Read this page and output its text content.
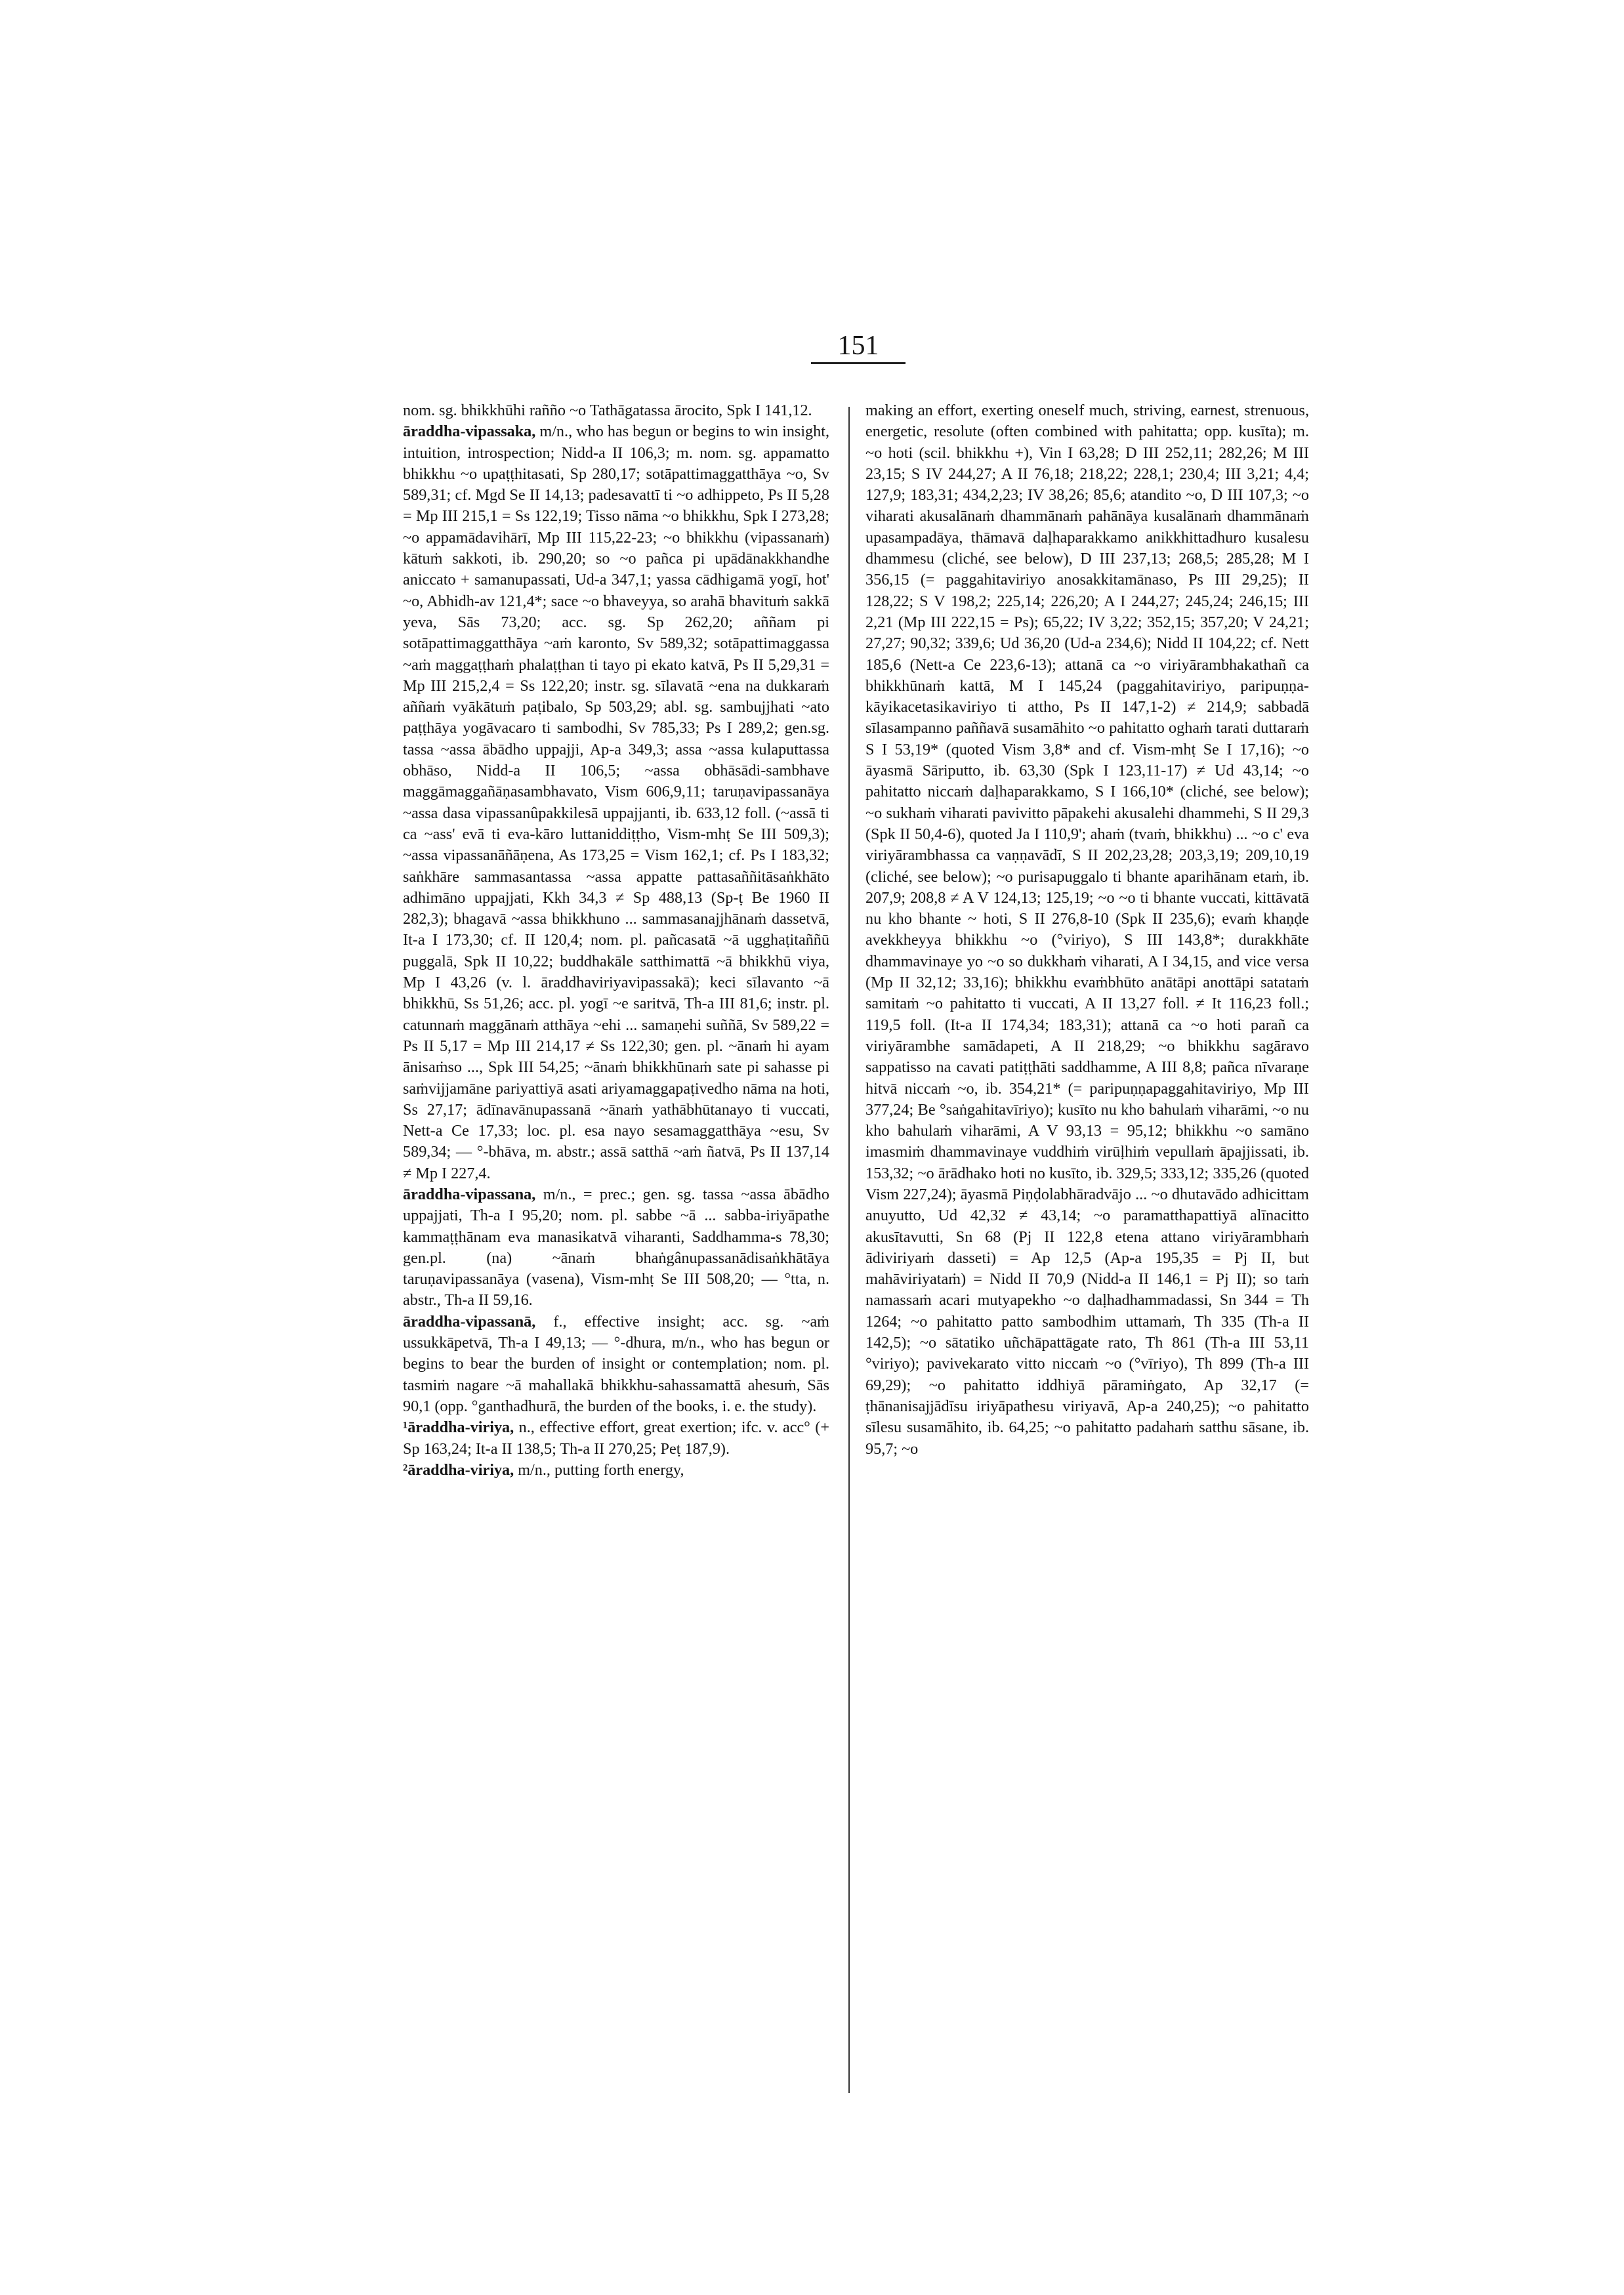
151

nom. sg. bhikkhūhi rañño ~o Tathāgatassa ārocito, Spk I 141,12.

āraddha-vipassaka, m/n., who has begun or begins to win insight, intuition, introspection; Nidd-a II 106,3; m. nom. sg. appamatto bhikkhu ~o upaṭṭhitasati, Sp 280,17; sotāpattimaggatthāya ~o, Sv 589,31; cf. Mgd Se II 14,13; padesavattī ti ~o adhippeto, Ps II 5,28 = Mp III 215,1 = Ss 122,19; Tisso nāma ~o bhikkhu, Spk I 273,28; ~o appamādavihārī, Mp III 115,22-23; ~o bhikkhu (vipassanaṁ) kātuṁ sakkoti, ib. 290,20; so ~o pañca pi upādānakkhandhe aniccato + samanupassati, Ud-a 347,1; yassa cādhigamā yogī, hot' ~o, Abhidh-av 121,4*; sace ~o bhaveyya, so arahā bhavituṁ sakkā yeva, Sās 73,20; acc. sg. Sp 262,20; aññam pi sotāpattimaggatthāya ~aṁ karonto, Sv 589,32; sotāpattimaggassa ~aṁ maggaṭṭhaṁ phalaṭṭhan ti tayo pi ekato katvā, Ps II 5,29,31 = Mp III 215,2,4 = Ss 122,20; instr. sg. sīlavatā ~ena na dukkaraṁ aññaṁ vyākātuṁ paṭibalo, Sp 503,29; abl. sg. sambujjhati ~ato paṭṭhāya yogāvacaro ti sambodhi, Sv 785,33; Ps I 289,2; gen.sg. tassa ~assa ābādho uppajji, Ap-a 349,3; assa ~assa kulaputtassa obhāso, Nidd-a II 106,5; ~assa obhāsādi-sambhave maggāmaggañāṇasambhavato, Vism 606,9,11; taruṇavipassanāya ~assa dasa vipassanûpakkilesā uppajjanti, ib. 633,12 foll. (~assā ti ca ~ass' evā ti eva-kāro luttaniddiṭṭho, Vism-mhṭ Se III 509,3); ~assa vipassanāñāṇena, As 173,25 = Vism 162,1; cf. Ps I 183,32; saṅkhāre sammasantassa ~assa appatte pattasaññitāsaṅkhāto adhimāno uppajjati, Kkh 34,3 ≠ Sp 488,13 (Sp-ṭ Be 1960 II 282,3); bhagavā ~assa bhikkhuno ... sammasanajjhānaṁ dassetvā, It-a I 173,30; cf. II 120,4; nom. pl. pañcasatā ~ā ugghaṭitaññū puggalā, Spk II 10,22; buddhakāle satthimattā ~ā bhikkhū viya, Mp I 43,26 (v. l. āraddhaviriyavipassakā); keci sīlavanto ~ā bhikkhū, Ss 51,26; acc. pl. yogī ~e saritvā, Th-a III 81,6; instr. pl. catunnaṁ maggānaṁ atthāya ~ehi ... samaṇehi suññā, Sv 589,22 = Ps II 5,17 = Mp III 214,17 ≠ Ss 122,30; gen. pl. ~ānaṁ hi ayam ānisaṁso ..., Spk III 54,25; ~ānaṁ bhikkhūnaṁ sate pi sahasse pi saṁvijjamāne pariyattiyā asati ariyamaggapaṭivedho nāma na hoti, Ss 27,17; ādīnavānupassanā ~ānaṁ yathābhūtanayo ti vuccati, Nett-a Ce 17,33; loc. pl. esa nayo sesamaggatthāya ~esu, Sv 589,34; — °-bhāva, m. abstr.; assā satthā ~aṁ ñatvā, Ps II 137,14 ≠ Mp I 227,4.

āraddha-vipassana, m/n., = prec.; gen. sg. tassa ~assa ābādho uppajjati, Th-a I 95,20; nom. pl. sabbe ~ā ... sabba-iriyāpathe kammaṭṭhānam eva manasikatvā viharanti, Saddhamma-s 78,30; gen.pl. (na) ~ānaṁ bhaṅgânupassanādisaṅkhātāya taruṇavipassanāya (vasena), Vism-mhṭ Se III 508,20; — °tta, n. abstr., Th-a II 59,16.

āraddha-vipassanā, f., effective insight; acc. sg. ~aṁ ussukkāpetvā, Th-a I 49,13; — °-dhura, m/n., who has begun or begins to bear the burden of insight or contemplation; nom. pl. tasmiṁ nagare ~ā mahallakā bhikkhu-sahassamattā ahesuṁ, Sās 90,1 (opp. °ganthadhurā, the burden of the books, i. e. the study).

¹āraddha-viriya, n., effective effort, great exertion; ifc. v. acc° (+ Sp 163,24; It-a II 138,5; Th-a II 270,25; Peṭ 187,9).

²āraddha-viriya, m/n., putting forth energy,

making an effort, exerting oneself much, striving, earnest, strenuous, energetic, resolute (often combined with pahitatta; opp. kusīta); m. ~o hoti (scil. bhikkhu +), Vin I 63,28; D III 252,11; 282,26; M III 23,15; S IV 244,27; A II 76,18; 218,22; 228,1; 230,4; III 3,21; 4,4; 127,9; 183,31; 434,2,23; IV 38,26; 85,6; atandito ~o, D III 107,3; ~o viharati akusalānaṁ dhammānaṁ pahānāya kusalānaṁ dhammānaṁ upasampadāya, thāmavā daḷhaparakkamo anikkhittadhuro kusalesu dhammesu (cliché, see below), D III 237,13; 268,5; 285,28; M I 356,15 (= paggahitaviriyo anosakkitamānaso, Ps III 29,25); II 128,22; S V 198,2; 225,14; 226,20; A I 244,27; 245,24; 246,15; III 2,21 (Mp III 222,15 = Ps); 65,22; IV 3,22; 352,15; 357,20; V 24,21; 27,27; 90,32; 339,6; Ud 36,20 (Ud-a 234,6); Nidd II 104,22; cf. Nett 185,6 (Nett-a Ce 223,6-13); attanā ca ~o viriyārambhakathañ ca bhikkhūnaṁ kattā, M I 145,24 (paggahitaviriyo, paripuṇṇa-kāyikacetasikaviriyo ti attho, Ps II 147,1-2) ≠ 214,9; sabbadā sīlasampanno paññavā susamāhito ~o pahitatto oghaṁ tarati duttaraṁ S I 53,19* (quoted Vism 3,8* and cf. Vism-mhṭ Se I 17,16); ~o āyasmā Sāriputto, ib. 63,30 (Spk I 123,11-17) ≠ Ud 43,14; ~o pahitatto niccaṁ daḷhaparakkamo, S I 166,10* (cliché, see below); ~o sukhaṁ viharati pavivitto pāpakehi akusalehi dhammehi, S II 29,3 (Spk II 50,4-6), quoted Ja I 110,9'; ahaṁ (tvaṁ, bhikkhu) ... ~o c' eva viriyārambhassa ca vaṇṇavādī, S II 202,23,28; 203,3,19; 209,10,19 (cliché, see below); ~o purisapuggalo ti bhante aparihānam etaṁ, ib. 207,9; 208,8 ≠ A V 124,13; 125,19; ~o ~o ti bhante vuccati, kittāvatā nu kho bhante ~ hoti, S II 276,8-10 (Spk II 235,6); evaṁ khaṇḍe avekkheyya bhikkhu ~o (°viriyo), S III 143,8*; durakkhāte dhammavinaye yo ~o so dukkhaṁ viharati, A I 34,15, and vice versa (Mp II 32,12; 33,16); bhikkhu evaṁbhūto anātāpi anottāpi satataṁ samitaṁ ~o pahitatto ti vuccati, A II 13,27 foll. ≠ It 116,23 foll.; 119,5 foll. (It-a II 174,34; 183,31); attanā ca ~o hoti parañ ca viriyārambhe samādapeti, A II 218,29; ~o bhikkhu sagāravo sappatisso na cavati patiṭṭhāti saddhamme, A III 8,8; pañca nīvaraṇe hitvā niccaṁ ~o, ib. 354,21* (= paripuṇṇapaggahitaviriyo, Mp III 377,24; Be °saṅgahitavīriyo); kusīto nu kho bahulaṁ viharāmi, ~o nu kho bahulaṁ viharāmi, A V 93,13 = 95,12; bhikkhu ~o samāno imasmiṁ dhammavinaye vuddhiṁ virūḷhiṁ vepullaṁ āpajjissati, ib. 153,32; ~o ārādhako hoti no kusīto, ib. 329,5; 333,12; 335,26 (quoted Vism 227,24); āyasmā Piṇḍolabhāradvājo ... ~o dhutavādo adhicittam anuyutto, Ud 42,32 ≠ 43,14; ~o paramatthapattiyā alīnacitto akusītavutti, Sn 68 (Pj II 122,8 etena attano viriyārambhaṁ ādiviriyaṁ dasseti) = Ap 12,5 (Ap-a 195,35 = Pj II, but mahāviriyataṁ) = Nidd II 70,9 (Nidd-a II 146,1 = Pj II); so taṁ namassaṁ acari mutyapekho ~o daḷhadhammadassi, Sn 344 = Th 1264; ~o pahitatto patto sambodhim uttamaṁ, Th 335 (Th-a II 142,5); ~o sātatiko uñchāpattāgate rato, Th 861 (Th-a III 53,11 °viriyo); pavivekarato vitto niccaṁ ~o (°vīriyo), Th 899 (Th-a III 69,29); ~o pahitatto iddhiyā pāramiṅgato, Ap 32,17 (= ṭhānanisajjādīsu iriyāpathesu viriyavā, Ap-a 240,25); ~o pahitatto sīlesu susamāhito, ib. 64,25; ~o pahitatto padahaṁ satthu sāsane, ib. 95,7; ~o
